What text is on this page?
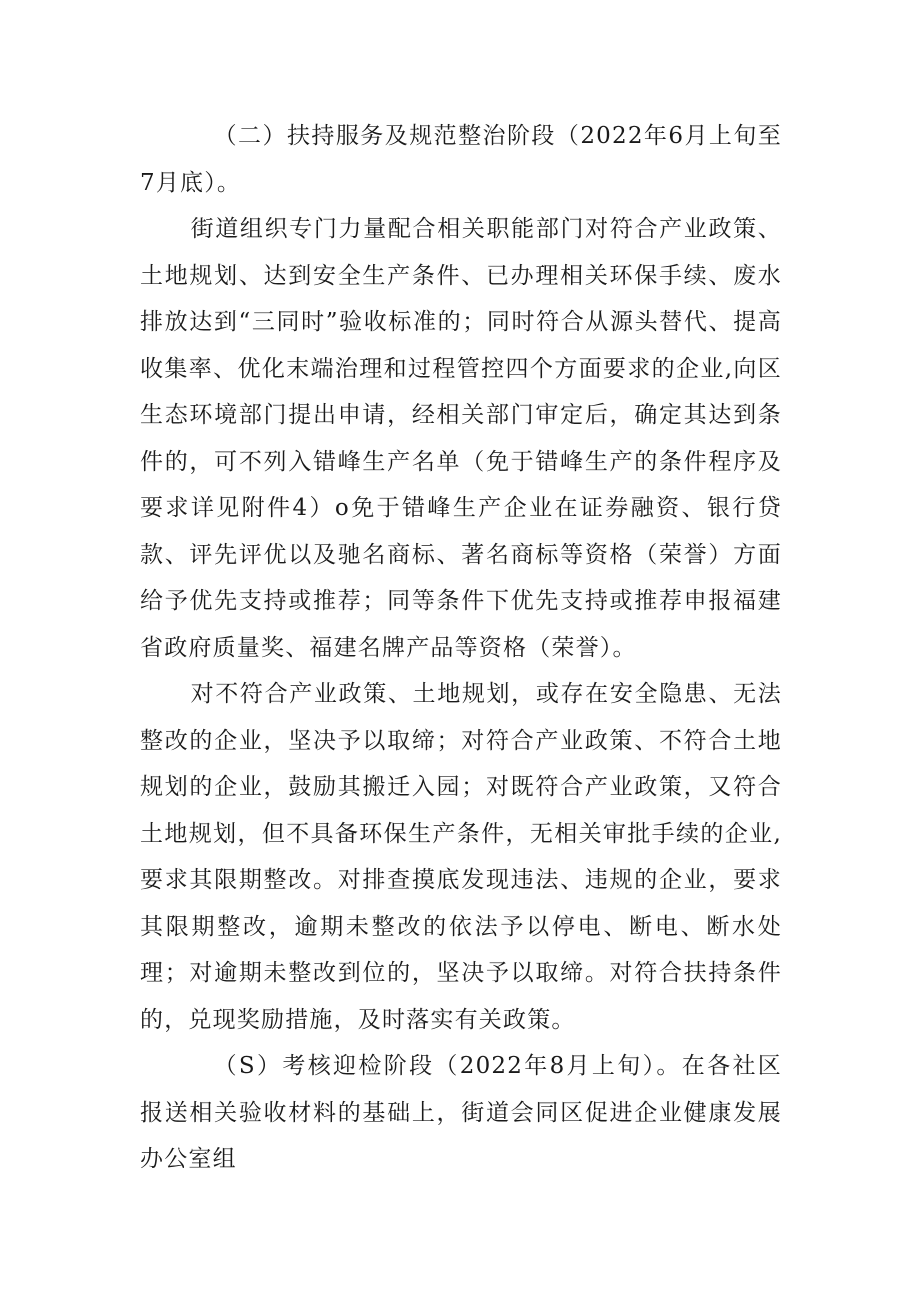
（二）扶持服务及规范整治阶段（2022年6月上旬至7月底）。

街道组织专门力量配合相关职能部门对符合产业政策、土地规划、达到安全生产条件、已办理相关环保手续、废水排放达到“三同时”验收标准的；同时符合从源头替代、提高收集率、优化末端治理和过程管控四个方面要求的企业,向区生态环境部门提出申请，经相关部门审定后，确定其达到条件的，可不列入错峰生产名单（免于错峰生产的条件程序及要求详见附件4）o免于错峰生产企业在证券融资、银行贷款、评先评优以及驰名商标、著名商标等资格（荣誉）方面给予优先支持或推荐；同等条件下优先支持或推荐申报福建省政府质量奖、福建名牌产品等资格（荣誉）。

对不符合产业政策、土地规划，或存在安全隐患、无法整改的企业，坚决予以取缔；对符合产业政策、不符合土地规划的企业，鼓励其搬迁入园；对既符合产业政策，又符合土地规划，但不具备环保生产条件，无相关审批手续的企业,要求其限期整改。对排查摸底发现违法、违规的企业，要求其限期整改，逾期未整改的依法予以停电、断电、断水处理；对逾期未整改到位的，坚决予以取缔。对符合扶持条件的，兑现奖励措施，及时落实有关政策。

（S）考核迎检阶段（2022年8月上旬）。在各社区报送相关验收材料的基础上，街道会同区促进企业健康发展办公室组
